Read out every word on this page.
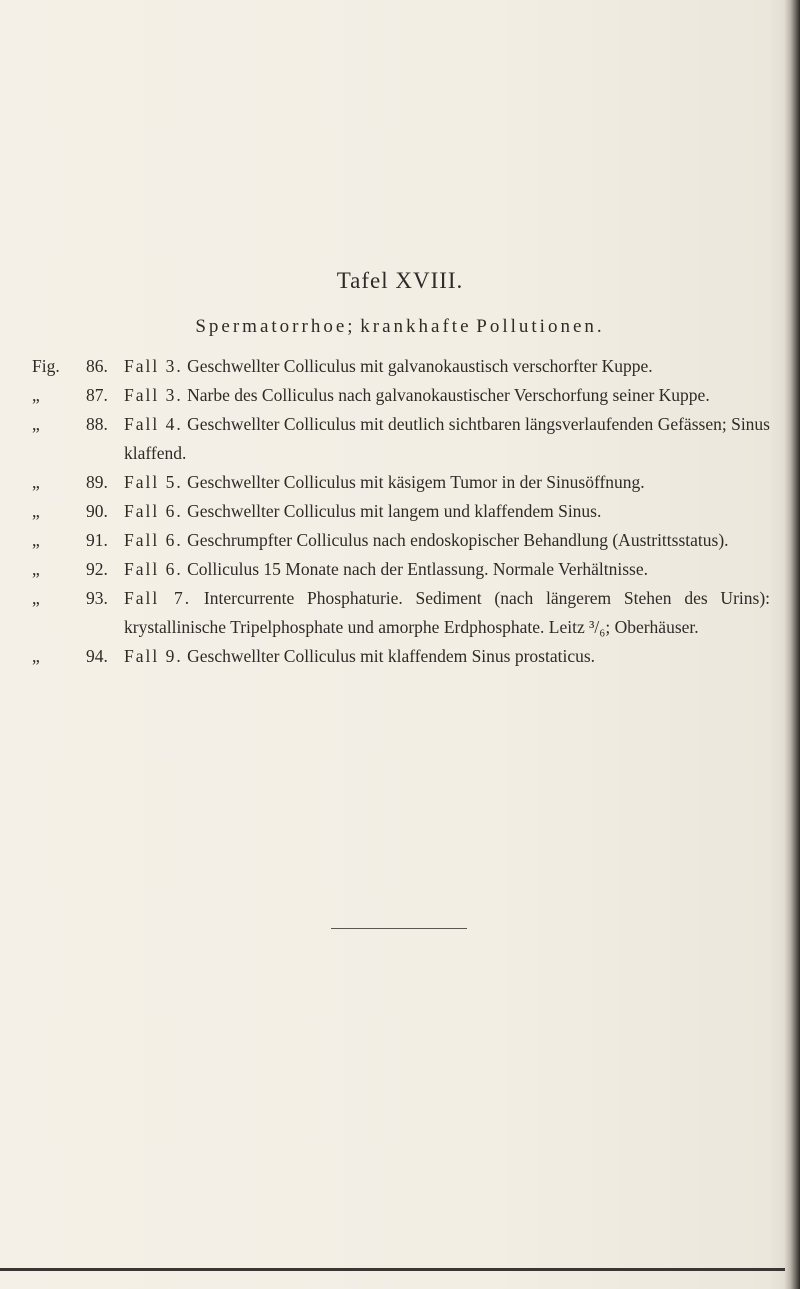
Tafel XVIII.
Spermatorrhoe; krankhafte Pollutionen.
Fig. 86. Fall 3. Geschwellter Colliculus mit galvanokaustisch verschorfter Kuppe.
„	87. Fall 3. Narbe des Colliculus nach galvanokaustischer Verschorfung seiner Kuppe.
„	88. Fall 4. Geschwellter Colliculus mit deutlich sichtbaren längsverlaufenden Gefässen; Sinus klaffend.
„	89. Fall 5. Geschwellter Colliculus mit käsigem Tumor in der Sinusöffnung.
„	90. Fall 6. Geschwellter Colliculus mit langem und klaffendem Sinus.
„	91. Fall 6. Geschrumpfter Colliculus nach endoskopischer Behandlung (Austrittsstatus).
„	92. Fall 6. Colliculus 15 Monate nach der Entlassung. Normale Verhältnisse.
„	93. Fall 7. Intercurrente Phosphaturie. Sediment (nach längerem Stehen des Urins): krystallinische Tripelphosphate und amorphe Erdphosphate. Leitz ³/₆; Oberhäuser.
„	94. Fall 9. Geschwellter Colliculus mit klaffendem Sinus prostaticus.
